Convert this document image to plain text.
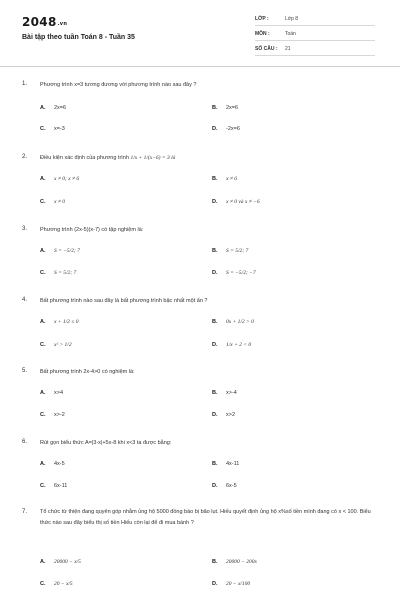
2048.vn
Bài tập theo tuần Toán 8 - Tuần 35
LỚP :	Lớp 8
MÔN :	Toán
SỐ CÂU : 21
1. Phương trình x=3 tương đương với phương trình nào sau đây ?
A. 2x=6	B. 2x=6
C. x=-3	D. -2x=6
2. Điều kiện xác định của phương trình 1/x + 1/(x−6) = 3 là
A. x ≠ 0; x ≠ 6	B. x ≠ 6
C. x ≠ 0	D. x ≠ 0 và x ≠ −6
3. Phương trình (2x-5)(x-7) có tập nghiệm là:
A. S = −5/2; 7	B. S = 5/2; 7
C. S = 5/2; 7	D. S = −5/2; −7
4. Bất phương trình nào sau đây là bất phương trình bậc nhất một ẩn ?
A. x + 1/2 ≤ 0	B. 0x + 1/2 > 0
C. x² > 1/2	D. 1/x + 2 < 0
5. Bất phương trình 2x-4>0 có nghiệm là:
A. x>4	B. x>-4
C. x>-2	D. x>2
6. Rút gọn biểu thức A=|3-x|+5x-8 khi x<3 ta được bằng:
A. 4x-5	B. 4x-11
C. 6x-11	D. 6x-5
7. Tổ chức từ thiện đang quyên góp nhằm ủng hộ 5000 đồng bào bị bão lụt. Hiếu quyết định ủng hộ x%số tiền mình đang có x < 100. Biểu thức nào sau đây biểu thị số tiền Hiếu còn lại để đi mua bánh ?
A. 20000 − x/5	B. 20000 − 200x
C. 20 − x/5	D. 20 − x/100
